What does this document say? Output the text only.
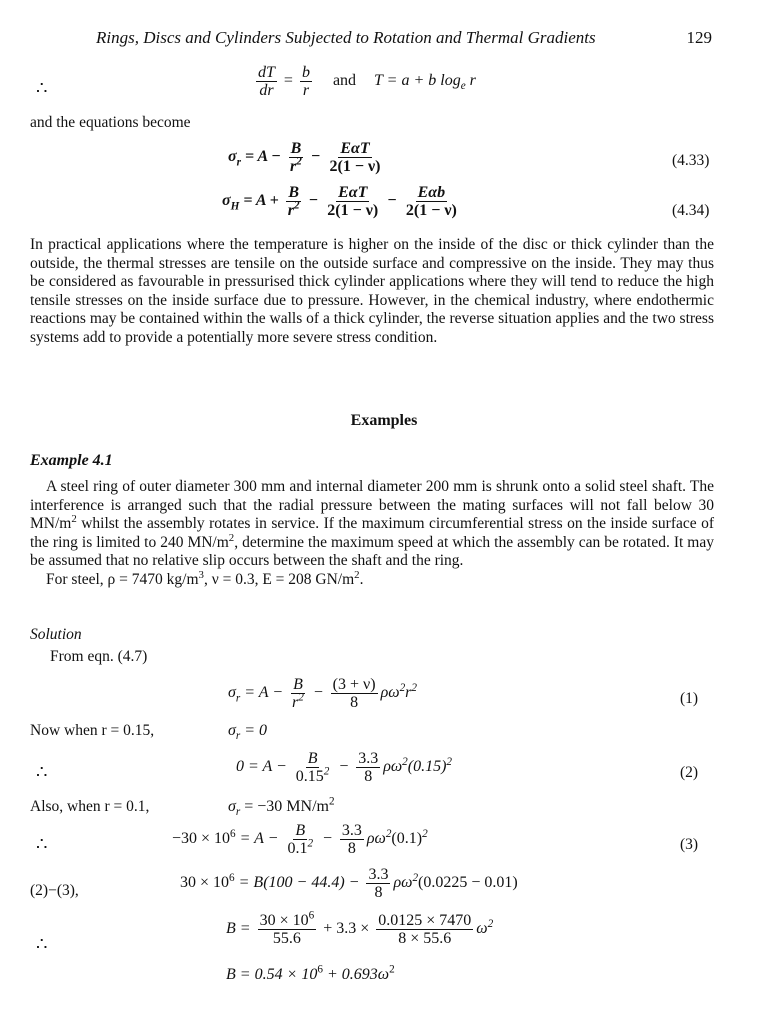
Rings, Discs and Cylinders Subjected to Rotation and Thermal Gradients	129
∴	$\frac{dT}{dr} = \frac{b}{r}$ and T = a + b $\log_e r$
and the equations become
$\sigma_r = A - \frac{B}{r^2} - \frac{\text{EαT}}{2(1 - \nu)}$	(4.33)
$\sigma_H = A + \frac{B}{r^2} - \frac{\text{EαT}}{2(1 - \nu)} - \frac{\text{Eαb}}{2(1 - \nu)}$	(4.34)

In practical applications where the temperature is higher on the inside of the disc or thick cylinder than the outside, the thermal stresses are tensile on the outside surface and compressive on the inside. They may thus be considered as favourable in pressurised thick cylinder applications where they will tend to reduce the high tensile stresses on the inside surface due to pressure. However, in the chemical industry, where endothermic reactions may be contained within the walls of a thick cylinder, the reverse situation applies and the two stress systems add to provide a potentially more severe stress condition.

Examples
Example 4.1

A steel ring of outer diameter 300 mm and internal diameter 200 mm is shrunk onto a solid steel shaft. The interference is arranged such that the radial pressure between the mating surfaces will not fall below 30 $MN/m^2$ whilst the assembly rotates in service. If the maximum circumferential stress on the inside surface of the ring is limited to 240 $MN/m^2$, determine the maximum speed at which the assembly can be rotated. It may be assumed that no relative slip occurs between the shaft and the ring.

For steel, ρ = 7470 $kg/m^3$, ν = 0.3, E = 208 $GN/m^2$.

Solution
From eqn. (4.7)
$\sigma_r = A - \frac{B}{r^2} - \frac{(3 + \nu)}{8} \rho\omega^2r^2$
(1)
Now when r = 0.15,	$\sigma_r = 0$
∴	$0 = A - \frac{B}{0.15^2} - \frac{3.3}{8} \rho\omega^2(0.15)^2$
(2)
Also, when r = 0.1,	$\sigma_r = -30$ $MN/m^2$
∴	$-30 \times 10^6 = A - \frac{B}{0.1^2} - \frac{3.3}{8} \rho\omega^2(0.1)^2$
(3)
(2)−(3),	$30 \times 10^6 = B(100 - 44.4) - \frac{3.3}{8} \rho\omega^2(0.0225 - 0.01)$
∴
$B = \frac{30 \times 10^6}{55.6} + 3.3 \times \frac{0.0125 \times 7470}{8 \times 55.6} \omega^2$
$B = 0.54 \times 10^6 + 0.693\omega^2$
